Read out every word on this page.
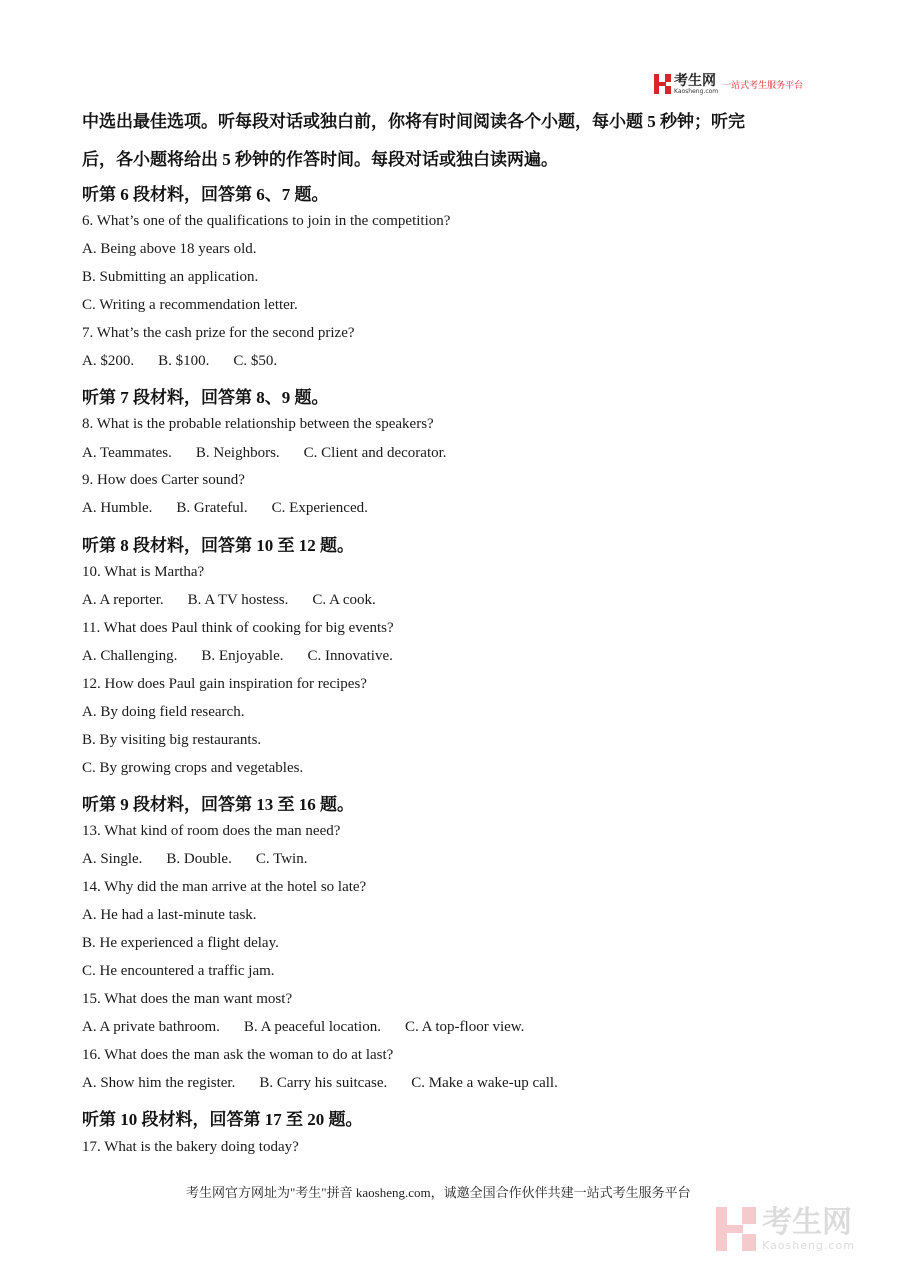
考生网
Kaosheng.com
一站式考生服务平台
中选出最佳选项。听每段对话或独白前，你将有时间阅读各个小题，每小题 5 秒钟；听完
后，各小题将给出 5 秒钟的作答时间。每段对话或独白读两遍。
听第 6 段材料，回答第 6、7 题。
6. What’s one of the qualifications to join in the competition?
A. Being above 18 years old.
B. Submitting an application.
C. Writing a recommendation letter.
7. What’s the cash prize for the second prize?
A. $200. B. $100. C. $50.
听第 7 段材料，回答第 8、9 题。
8. What is the probable relationship between the speakers?
A. Teammates. B. Neighbors. C. Client and decorator.
9. How does Carter sound?
A. Humble. B. Grateful. C. Experienced.
听第 8 段材料，回答第 10 至 12 题。
10. What is Martha?
A. A reporter. B. A TV hostess. C. A cook.
11. What does Paul think of cooking for big events?
A. Challenging. B. Enjoyable. C. Innovative.
12. How does Paul gain inspiration for recipes?
A. By doing field research.
B. By visiting big restaurants.
C. By growing crops and vegetables.
听第 9 段材料，回答第 13 至 16 题。
13. What kind of room does the man need?
A. Single. B. Double. C. Twin.
14. Why did the man arrive at the hotel so late?
A. He had a last-minute task.
B. He experienced a flight delay.
C. He encountered a traffic jam.
15. What does the man want most?
A. A private bathroom. B. A peaceful location. C. A top-floor view.
16. What does the man ask the woman to do at last?
A. Show him the register. B. Carry his suitcase. C. Make a wake-up call.
听第 10 段材料，回答第 17 至 20 题。
17. What is the bakery doing today?
考生网官方网址为"考生"拼音 kaosheng.com，诚邀全国合作伙伴共建一站式考生服务平台
考生网
Kaosheng.com
